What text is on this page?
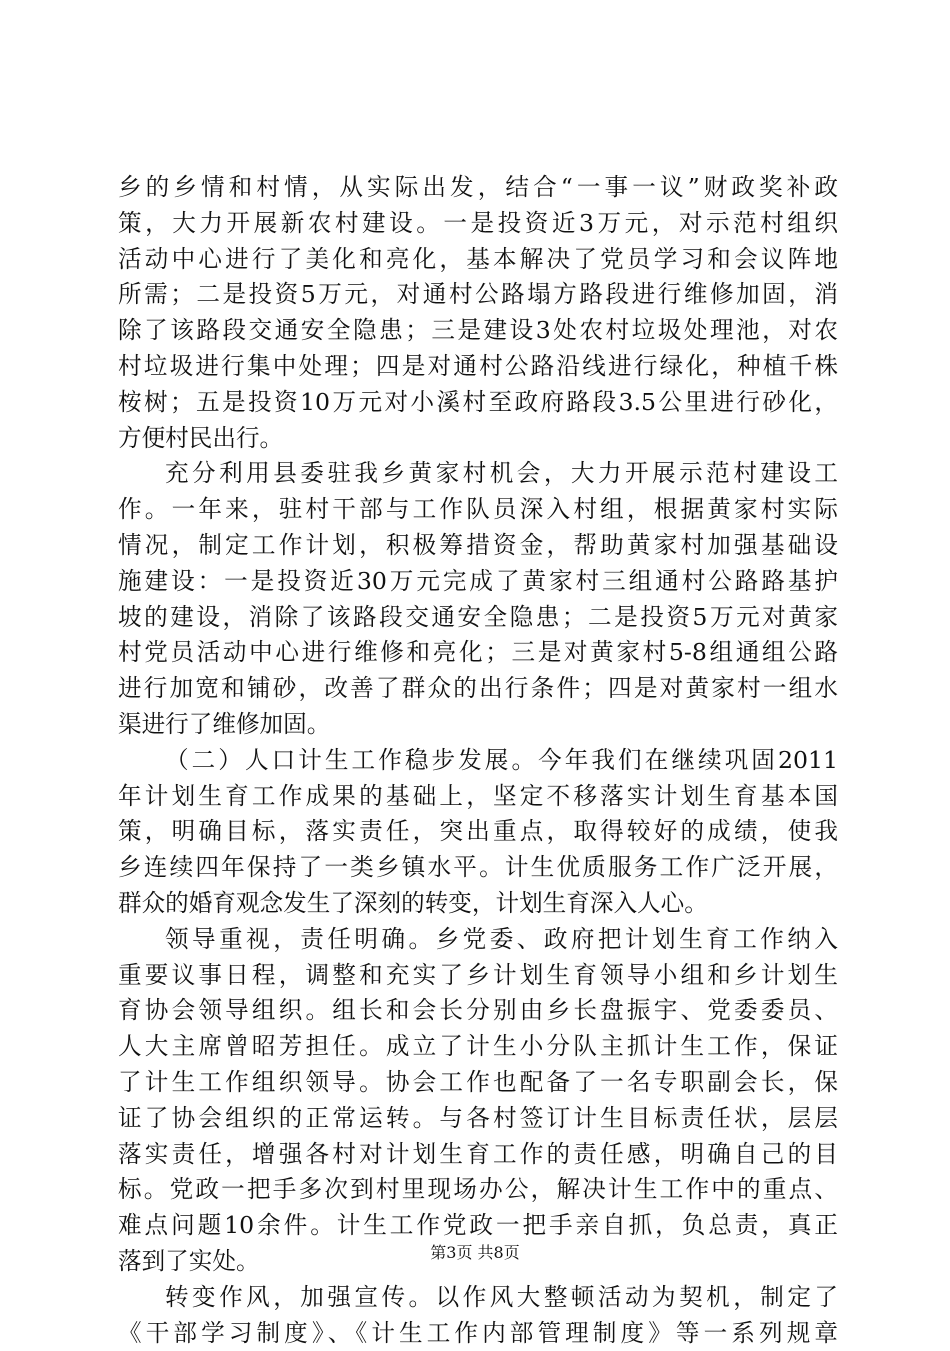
乡的乡情和村情，从实际出发，结合“一事一议”财政奖补政
策，大力开展新农村建设。一是投资近3万元，对示范村组织
活动中心进行了美化和亮化，基本解决了党员学习和会议阵地
所需；二是投资5万元，对通村公路塌方路段进行维修加固，消
除了该路段交通安全隐患；三是建设3处农村垃圾处理池，对农
村垃圾进行集中处理；四是对通村公路沿线进行绿化，种植千株
桉树；五是投资10万元对小溪村至政府路段3.5公里进行砂化，
方便村民出行。
充分利用县委驻我乡黄家村机会，大力开展示范村建设工
作。一年来，驻村干部与工作队员深入村组，根据黄家村实际
情况，制定工作计划，积极筹措资金，帮助黄家村加强基础设
施建设：一是投资近30万元完成了黄家村三组通村公路路基护
坡的建设，消除了该路段交通安全隐患；二是投资5万元对黄家
村党员活动中心进行维修和亮化；三是对黄家村5-8组通组公路
进行加宽和铺砂，改善了群众的出行条件；四是对黄家村一组水
渠进行了维修加固。
（二）人口计生工作稳步发展。今年我们在继续巩固2011
年计划生育工作成果的基础上，坚定不移落实计划生育基本国
策，明确目标，落实责任，突出重点，取得较好的成绩，使我
乡连续四年保持了一类乡镇水平。计生优质服务工作广泛开展，
群众的婚育观念发生了深刻的转变，计划生育深入人心。
领导重视，责任明确。乡党委、政府把计划生育工作纳入
重要议事日程，调整和充实了乡计划生育领导小组和乡计划生
育协会领导组织。组长和会长分别由乡长盘振宇、党委委员、
人大主席曾昭芳担任。成立了计生小分队主抓计生工作，保证
了计生工作组织领导。协会工作也配备了一名专职副会长，保
证了协会组织的正常运转。与各村签订计生目标责任状，层层
落实责任，增强各村对计划生育工作的责任感，明确自己的目
标。党政一把手多次到村里现场办公，解决计生工作中的重点、
难点问题10余件。计生工作党政一把手亲自抓，负总责，真正
落到了实处。
转变作风，加强宣传。以作风大整顿活动为契机，制定了
《干部学习制度》、《计生工作内部管理制度》等一系列规章
第3页 共8页
